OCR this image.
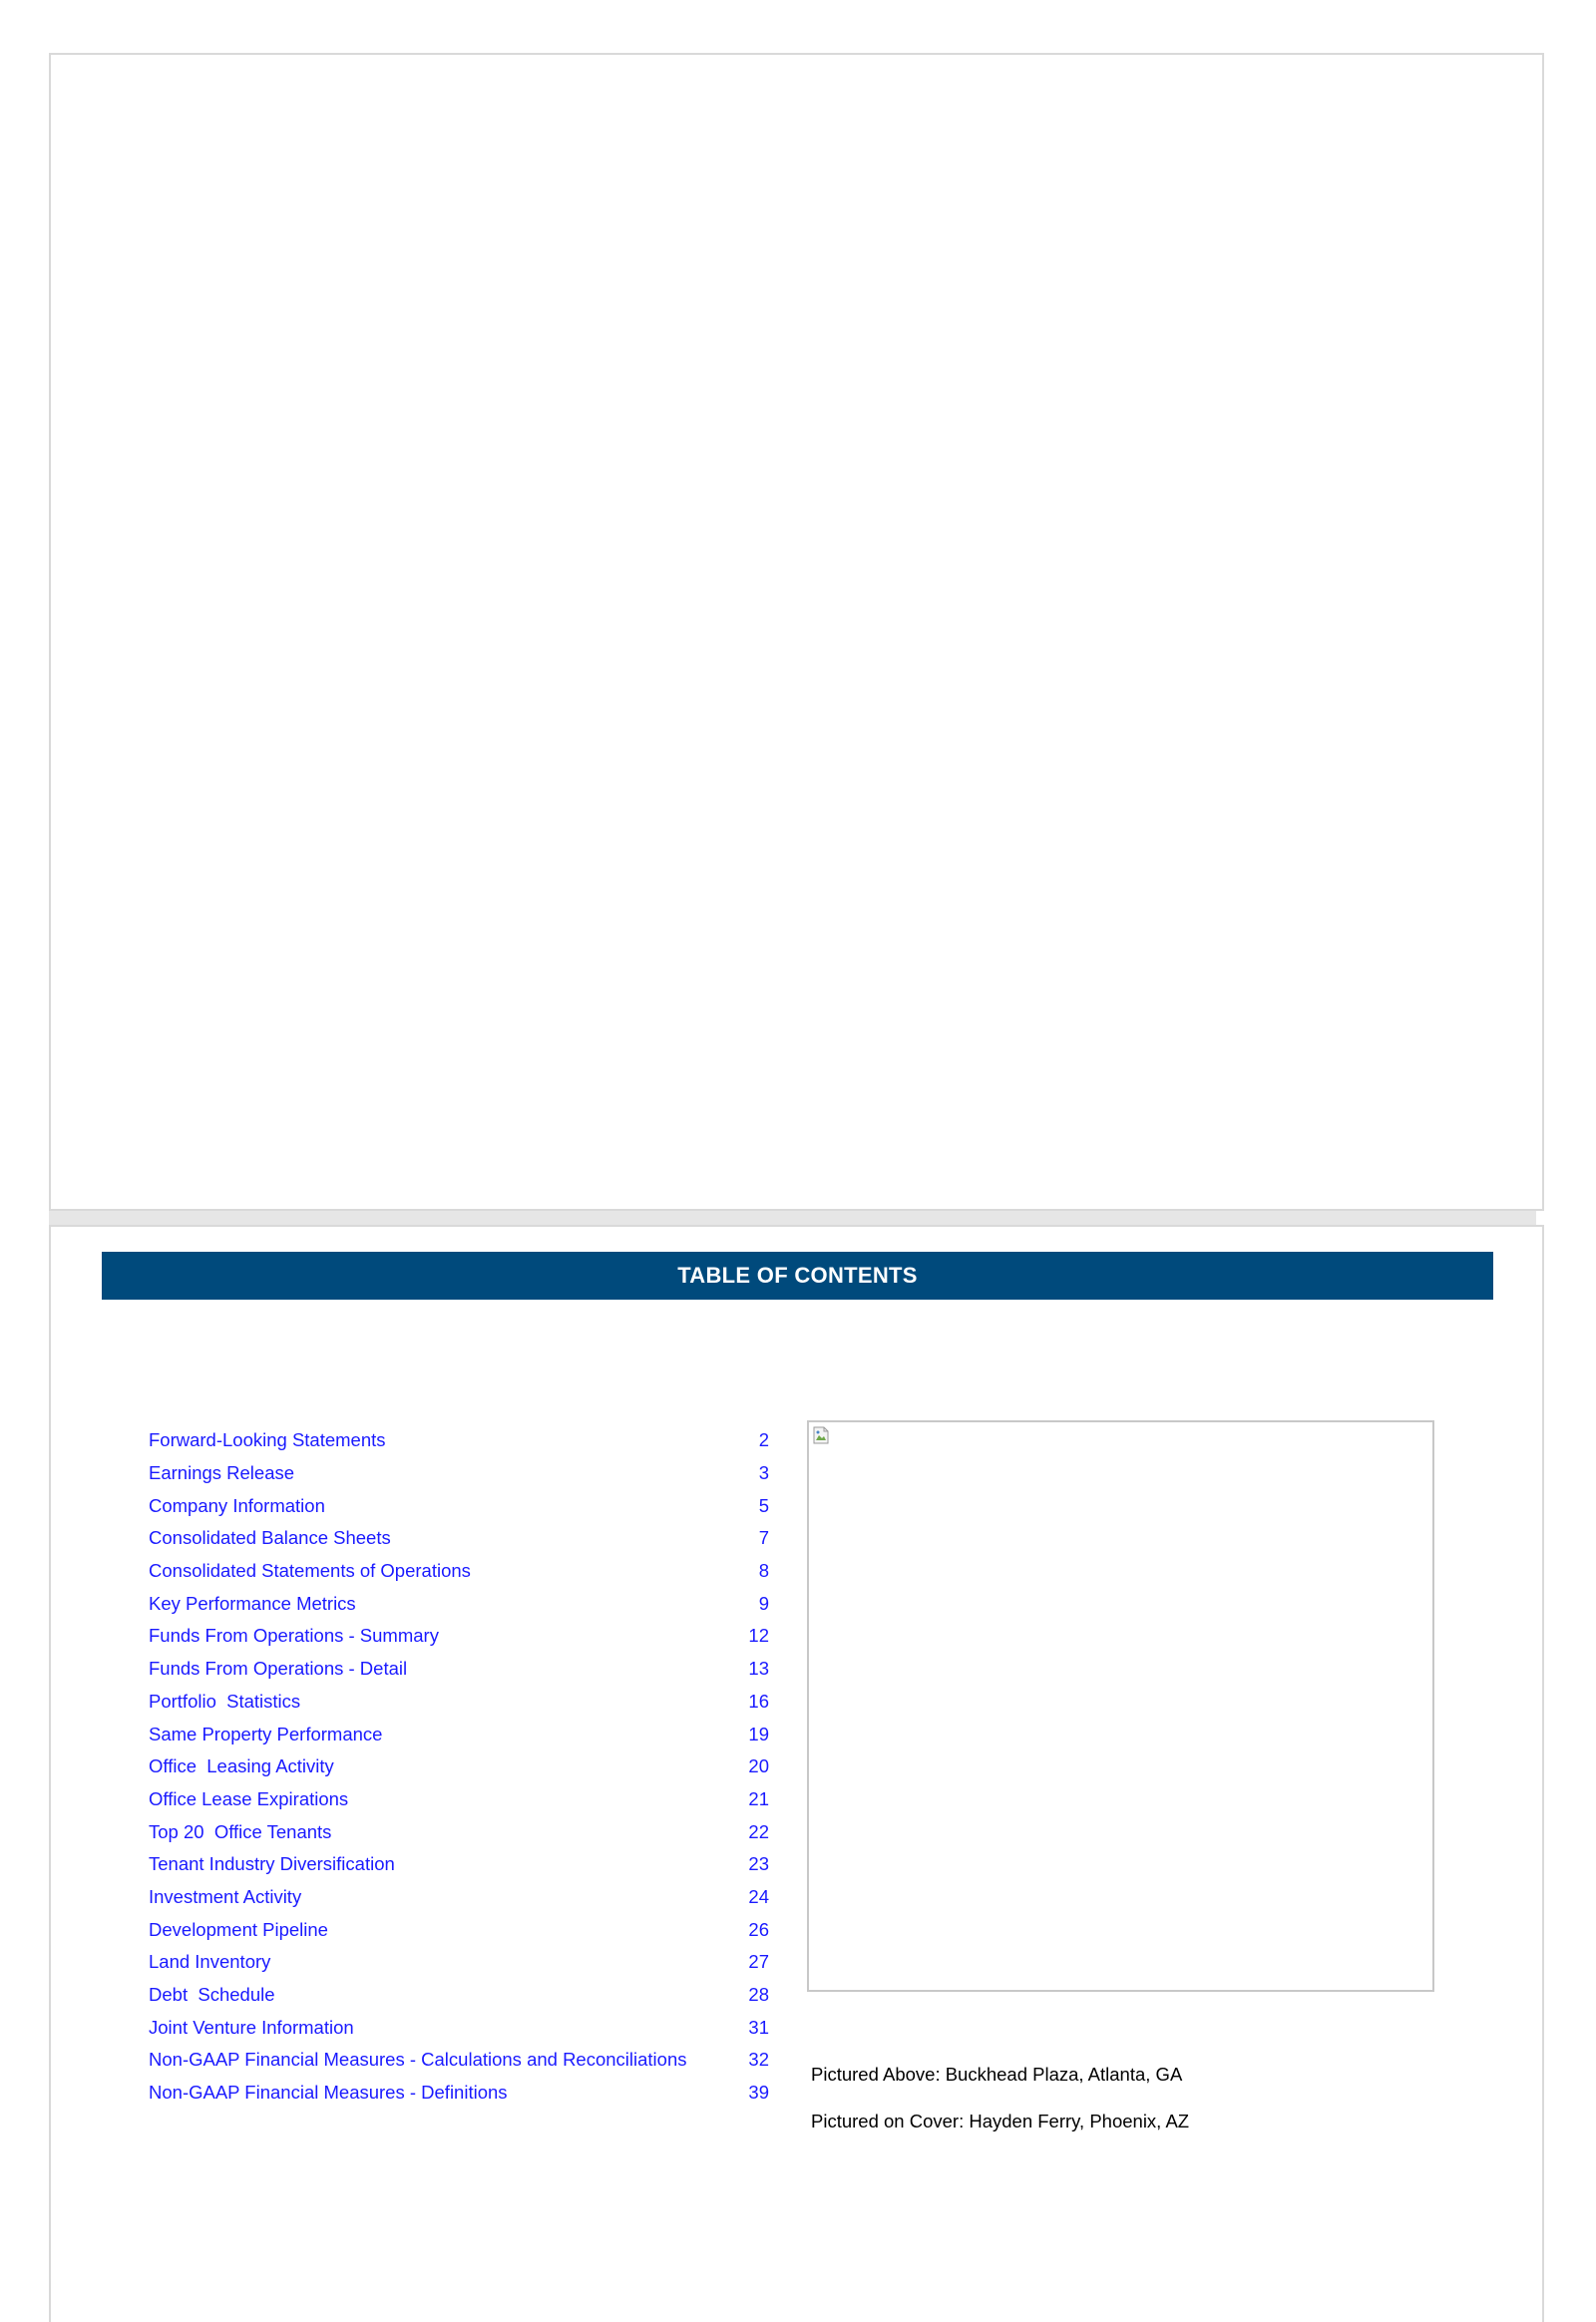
TABLE OF CONTENTS
Forward-Looking Statements	2
Earnings Release	3
Company Information	5
Consolidated Balance Sheets	7
Consolidated Statements of Operations	8
Key Performance Metrics	9
Funds From Operations - Summary	12
Funds From Operations - Detail	13
Portfolio  Statistics	16
Same Property Performance	19
Office  Leasing Activity	20
Office Lease Expirations	21
Top 20  Office Tenants	22
Tenant Industry Diversification	23
Investment Activity	24
Development Pipeline	26
Land Inventory	27
Debt  Schedule	28
Joint Venture Information	31
Non-GAAP Financial Measures - Calculations and Reconciliations	32
Non-GAAP Financial Measures - Definitions	39
Pictured Above: Buckhead Plaza, Atlanta, GA
Pictured on Cover: Hayden Ferry, Phoenix, AZ
